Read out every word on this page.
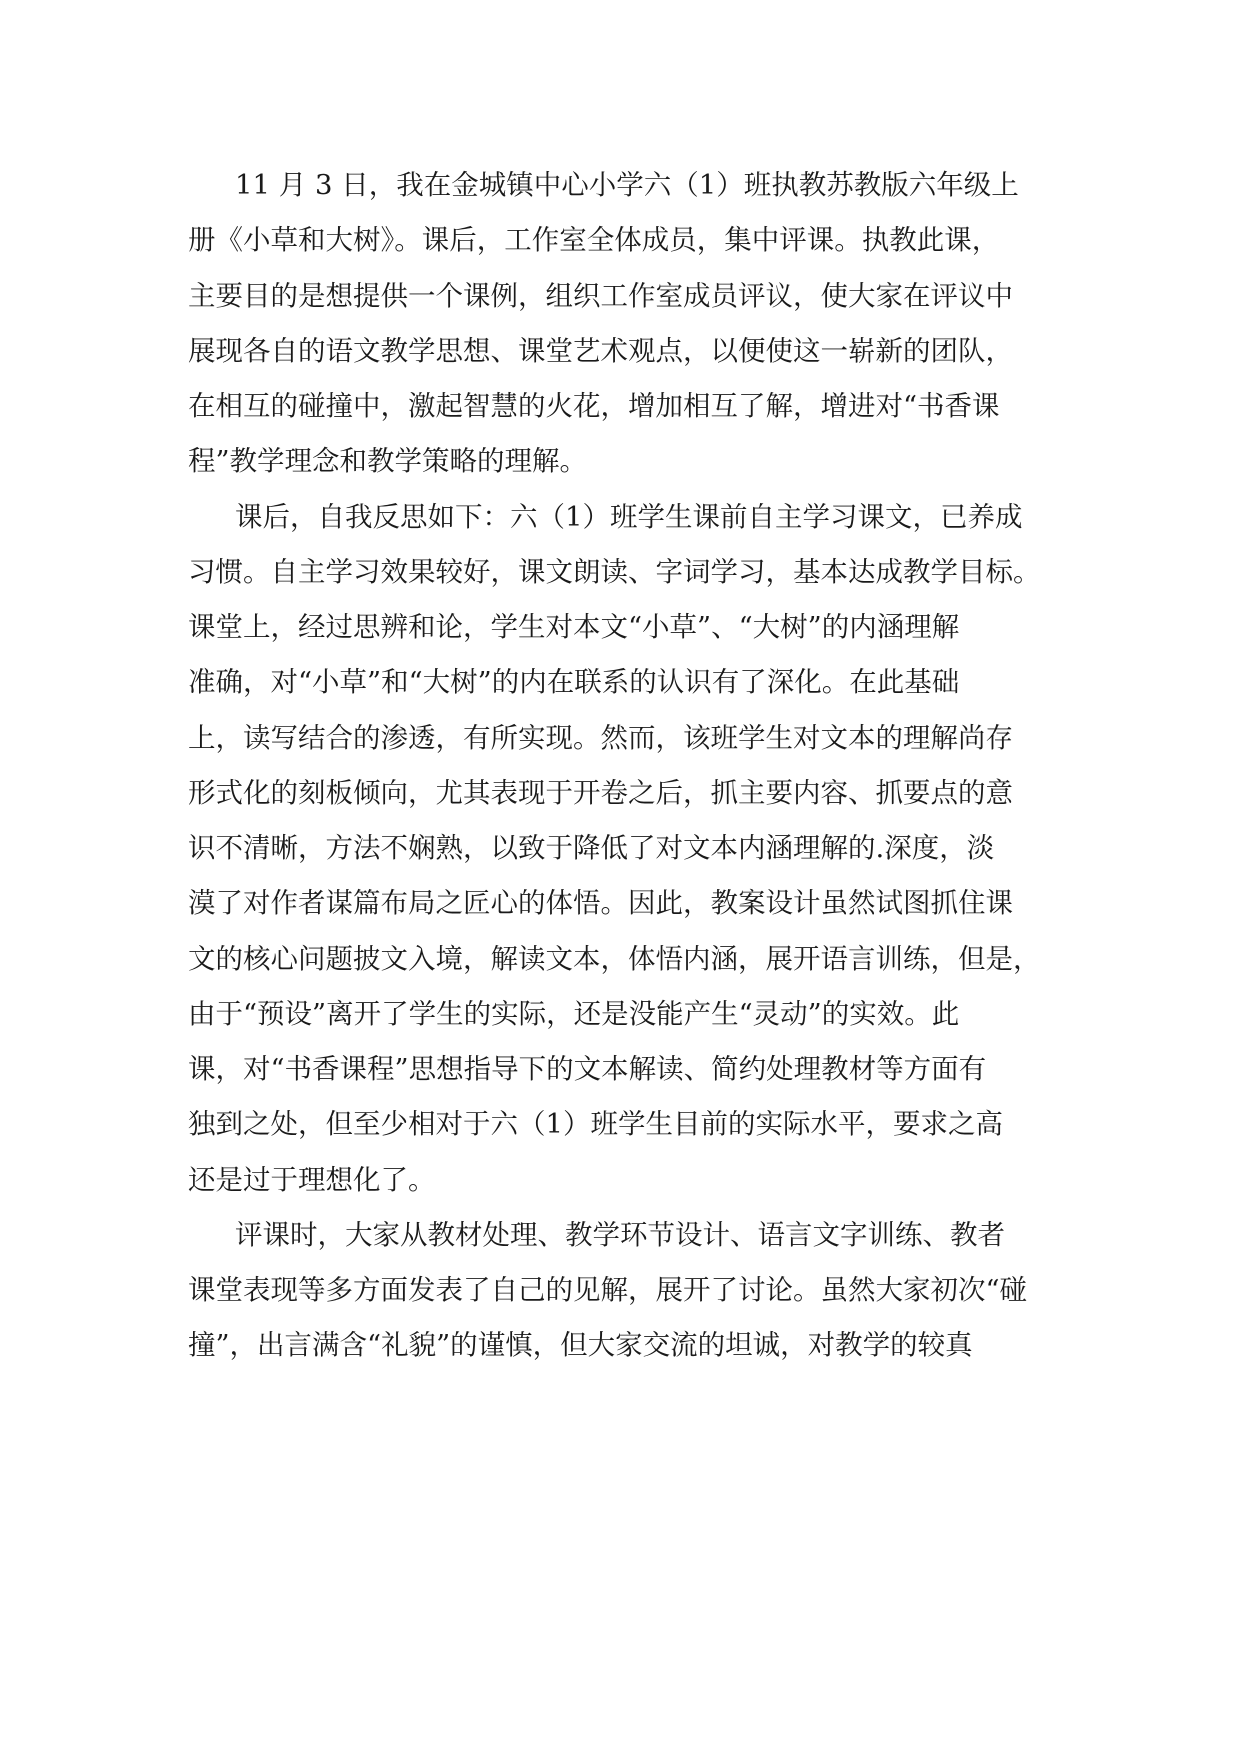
11 月 3 日，我在金城镇中心小学六（1）班执教苏教版六年级上
册《小草和大树》。课后，工作室全体成员，集中评课。执教此课，
主要目的是想提供一个课例，组织工作室成员评议，使大家在评议中
展现各自的语文教学思想、课堂艺术观点，以便使这一崭新的团队，
在相互的碰撞中，激起智慧的火花，增加相互了解，增进对“书香课
程”教学理念和教学策略的理解。
课后，自我反思如下：六（1）班学生课前自主学习课文，已养成
习惯。自主学习效果较好，课文朗读、字词学习，基本达成教学目标。
课堂上，经过思辨和论，学生对本文“小草”、“大树”的内涵理解
准确，对“小草”和“大树”的内在联系的认识有了深化。在此基础
上，读写结合的渗透，有所实现。然而，该班学生对文本的理解尚存
形式化的刻板倾向，尤其表现于开卷之后，抓主要内容、抓要点的意
识不清晰，方法不娴熟，以致于降低了对文本内涵理解的.深度，淡
漠了对作者谋篇布局之匠心的体悟。因此，教案设计虽然试图抓住课
文的核心问题披文入境，解读文本，体悟内涵，展开语言训练，但是，
由于“预设”离开了学生的实际，还是没能产生“灵动”的实效。此
课，对“书香课程”思想指导下的文本解读、简约处理教材等方面有
独到之处，但至少相对于六（1）班学生目前的实际水平，要求之高
还是过于理想化了。
评课时，大家从教材处理、教学环节设计、语言文字训练、教者
课堂表现等多方面发表了自己的见解，展开了讨论。虽然大家初次“碰
撞”，出言满含“礼貌”的谨慎，但大家交流的坦诚，对教学的较真
